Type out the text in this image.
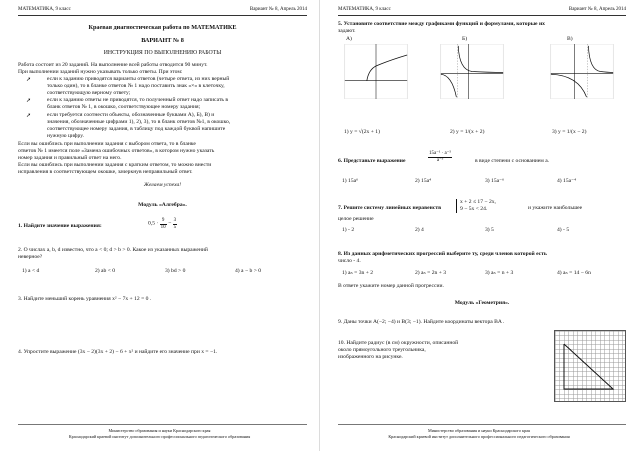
МАТЕМАТИКА, 9 класс	Вариант № 8, Апрель 2014
Краевая диагностическая работа по МАТЕМАТИКЕ
ВАРИАНТ № 8
ИНСТРУКЦИЯ ПО ВЫПОЛНЕНИЮ РАБОТЫ
Работа состоит из 20 заданий. На выполнение всей работы отводится 90 минут.
При выполнении заданий нужно указывать только ответы. При этом:
➚	если к заданию приводятся варианты ответов (четыре ответа, из них верный
только один), то в бланке ответов № 1 надо поставить знак «×» в клеточку,
соответствующую верному ответу;
➚	если к заданию ответы не приводятся, то полученный ответ надо записать в
бланк ответов № 1, в окошко, соответствующее номеру задания;
➚	если требуется соотнести объекты, обозначенные буквами А), Б), В) и
значения, обозначенные цифрами 1), 2), 3), то в бланк ответов №1, в окошко,
соответствующее номеру задания, в таблицу под каждой буквой напишите
нужную цифру.
Если вы ошиблись при выполнении задания с выбором ответа, то в бланке
ответов № 1 имеется поле «Замена ошибочных ответов», в котором нужно указать
номер задания и правильный ответ на него.
Если вы ошиблись при выполнении задания с кратким ответом, то можно внести
исправления в соответствующем окошке, зачеркнув неправильный ответ.
Желаем успеха!
Модуль «Алгебра».
1. Найдите значение выражения:	$0,5 \cdot \frac{9}{10} - \frac{3}{5}$
2. О числах a, b, d известно, что a < 0; d > b > 0. Какое из указанных выражений
неверное?
1) a < d	2) ab < 0	3) bd > 0	4) a − b > 0
3. Найдите меньший корень уравнения x² − 7x + 12 = 0 .
4. Упростите выражение (3x − 2)(3x + 2) − 6 + x² и найдите его значение при x = −1.
Министерство образования и науки Краснодарского края
Краснодарский краевой институт дополнительного профессионального педагогического образования
МАТЕМАТИКА, 9 класс	Вариант № 8, Апрель 2014
5. Установите соответствие между графиками функций и формулами, которые их
задают.
А)	Б)	В)
1) y = √(2x + 1)	2) y = 1/(x + 2)	3) y = 1/(x − 2)
6. Представьте выражение	$\frac{\text{15a⁻¹ · a⁻⁵}}{\text{a⁻³}}$	в виде степени с основанием a.
1) 15a⁶	2) 15a⁴	3) 15a⁻⁶	4) 15a⁻⁴
7. Решите систему линейных неравенств
x + 2 ≤ 17 − 2x,
9 − 5x < 24.	и укажите наибольшее
целое решение
1) - 2	2) 4	3) 5	4) - 5
8. Из данных арифметических прогрессий выберите ту, среди членов которой есть
число - 4.
1) aₙ = 3n + 2	2) aₙ = 2n + 3	3) aₙ = n + 3	4) aₙ = 14 − 6n
В ответе укажите номер данной прогрессии.
Модуль «Геометрия».
9. Даны точки A(−2; −4) и B(3; −1). Найдите координаты вектора BA .
10. Найдите радиус (в см) окружности, описанной
около прямоугольного треугольника,
изображенного на рисунке.
Министерство образования и науки Краснодарского края
Краснодарский краевой институт дополнительного профессионального педагогического образования
